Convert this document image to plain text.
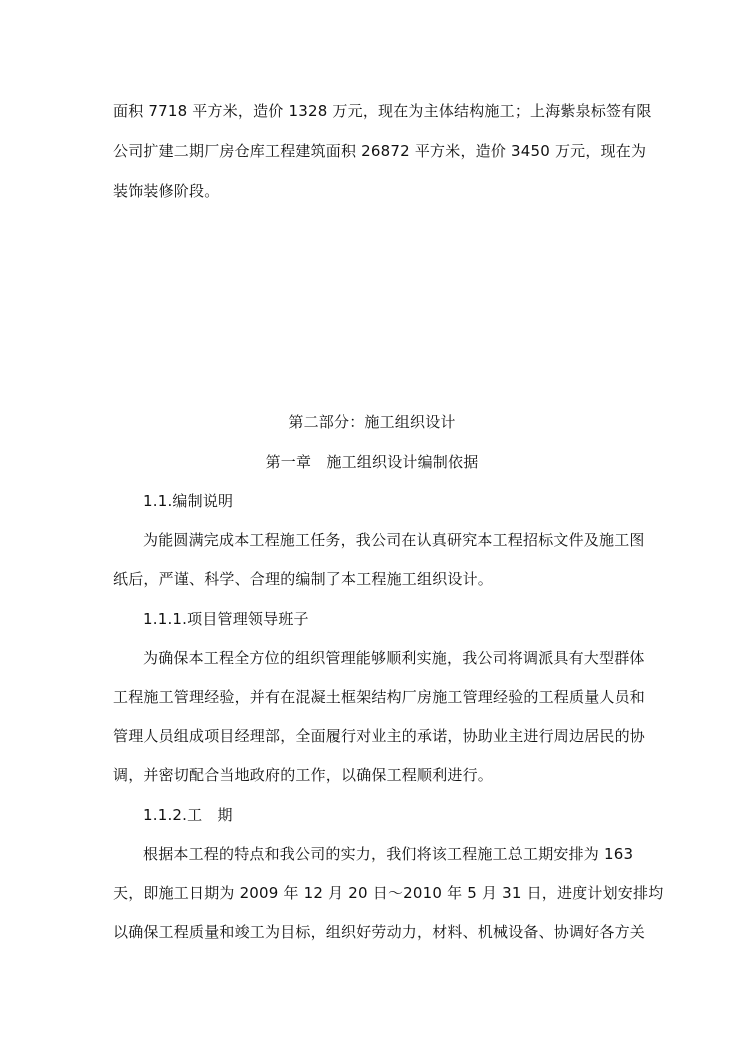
面积 7718 平方米，造价 1328 万元，现在为主体结构施工；上海紫泉标签有限
公司扩建二期厂房仓库工程建筑面积 26872 平方米，造价 3450 万元，现在为
装饰装修阶段。
第二部分：施工组织设计
第一章　施工组织设计编制依据
1.1.编制说明
为能圆满完成本工程施工任务，我公司在认真研究本工程招标文件及施工图
纸后，严谨、科学、合理的编制了本工程施工组织设计。
1.1.1.项目管理领导班子
为确保本工程全方位的组织管理能够顺利实施，我公司将调派具有大型群体
工程施工管理经验，并有在混凝土框架结构厂房施工管理经验的工程质量人员和
管理人员组成项目经理部，全面履行对业主的承诺，协助业主进行周边居民的协
调，并密切配合当地政府的工作，以确保工程顺利进行。
1.1.2.工　期
根据本工程的特点和我公司的实力，我们将该工程施工总工期安排为 163
天，即施工日期为 2009 年 12 月 20 日～2010 年 5 月 31 日，进度计划安排均
以确保工程质量和竣工为目标，组织好劳动力，材料、机械设备、协调好各方关
